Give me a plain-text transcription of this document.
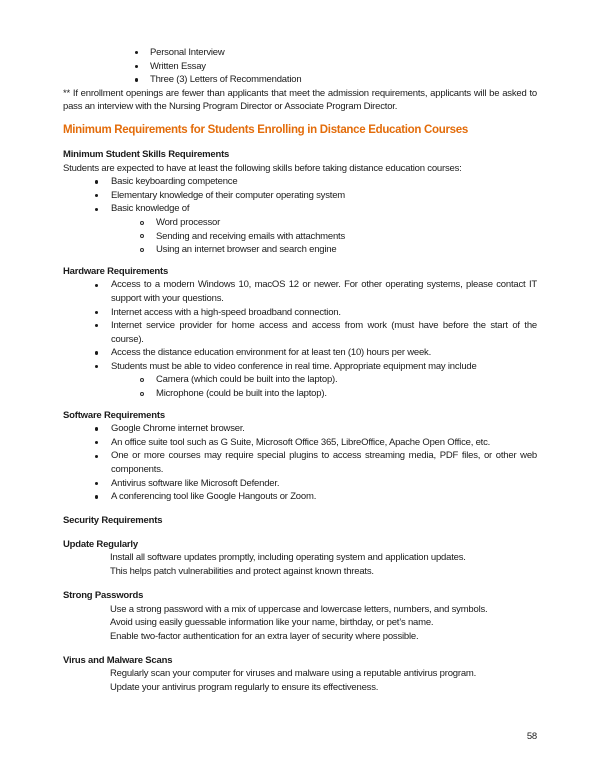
Personal Interview
Written Essay
Three (3) Letters of Recommendation

** If enrollment openings are fewer than applicants that meet the admission requirements, applicants will be asked to pass an interview with the Nursing Program Director or Associate Program Director.

Minimum Requirements for Students Enrolling in Distance Education Courses
Minimum Student Skills Requirements

Students are expected to have at least the following skills before taking distance education courses:

Basic keyboarding competence
Elementary knowledge of their computer operating system
Basic knowledge of
Word processor
Sending and receiving emails with attachments
Using an internet browser and search engine
Hardware Requirements
Access to a modern Windows 10, macOS 12 or newer. For other operating systems, please contact IT support with your questions.
Internet access with a high-speed broadband connection.
Internet service provider for home access and access from work (must have before the start of the course).
Access the distance education environment for at least ten (10) hours per week.
Students must be able to video conference in real time. Appropriate equipment may include
Camera (which could be built into the laptop).
Microphone (could be built into the laptop).
Software Requirements
Google Chrome internet browser.
An office suite tool such as G Suite, Microsoft Office 365, LibreOffice, Apache Open Office, etc.
One or more courses may require special plugins to access streaming media, PDF files, or other web components.
Antivirus software like Microsoft Defender.
A conferencing tool like Google Hangouts or Zoom.
Security Requirements
Update Regularly
Install all software updates promptly, including operating system and application updates.
This helps patch vulnerabilities and protect against known threats.
Strong Passwords
Use a strong password with a mix of uppercase and lowercase letters, numbers, and symbols.
Avoid using easily guessable information like your name, birthday, or pet’s name.
Enable two-factor authentication for an extra layer of security where possible.
Virus and Malware Scans
Regularly scan your computer for viruses and malware using a reputable antivirus program.
Update your antivirus program regularly to ensure its effectiveness.
58
